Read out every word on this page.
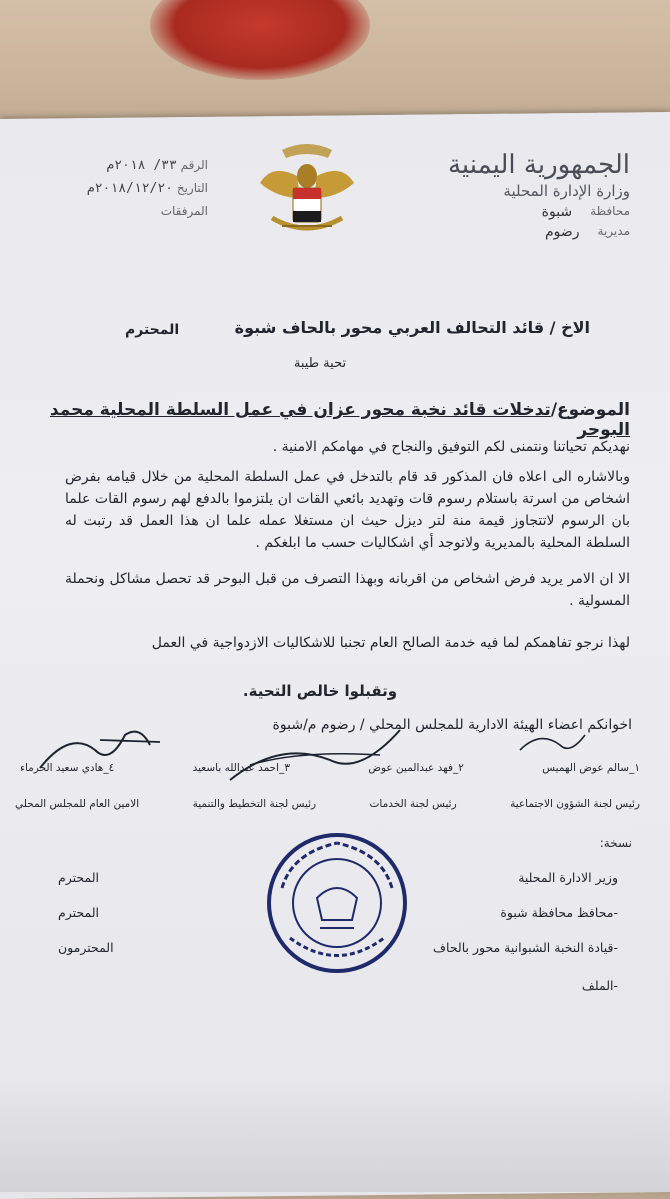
الجمهورية اليمنية
وزارة الإدارة المحلية
محافظة
شبوة
مديرية
رضوم
الرقم ٣٣/ ٢٠١٨م
التاريخ ٢٠١٨/١٢/٢٠م
المرفقات
الاخ / قائد التحالف العربي محور بالحاف شبوة
المحترم
تحية طيبة
الموضوع/تدخلات قائد نخبة محور عزان في عمل السلطة المحلية محمد البوحر
نهديكم تحياتنا ونتمنى لكم التوفيق والنجاح في مهامكم الامنية .
وبالاشاره الى اعلاه فان المذكور قد قام بالتدخل في عمل السلطة المحلية من خلال قيامه بفرض اشخاص من اسرتة باستلام رسوم قات وتهديد بائعي القات ان يلتزموا بالدفع لهم رسوم القات علما بان الرسوم لاتتجاوز قيمة منة لتر ديزل حيث ان مستغلا عمله علما ان هذا العمل قد رتبت له السلطة المحلية بالمديرية ولاتوجد أي اشكاليات حسب ما ابلغكم .
الا ان الامر يريد فرض اشخاص من اقربانه وبهذا التصرف من قبل البوحر قد تحصل مشاكل ونحملة المسولية .
لهذا نرجو تفاهمكم لما فيه خدمة الصالح العام تجنبا للاشكاليات الازدواجية في العمل
وتقبلوا خالص التحية.
اخوانكم اعضاء الهيئة الادارية للمجلس المحلي / رضوم م/شبوة
١_سالم عوض الهميس
٢_فهد عبدالمين عوض
٣_احمد عبدالله باسعيد
٤_هادي سعيد الخرماء
رئيس لجنة الشؤون الاجتماعية
رئيس لجنة الخدمات
رئيس لجنة التخطيط والتنمية
الامين العام للمجلس المحلي
نسخة:
وزير الادارة المحلية
المحترم
-محافظ محافظة شبوة
المحترم
-قيادة النخبة الشبوانية محور بالحاف
المحترمون
-الملف
